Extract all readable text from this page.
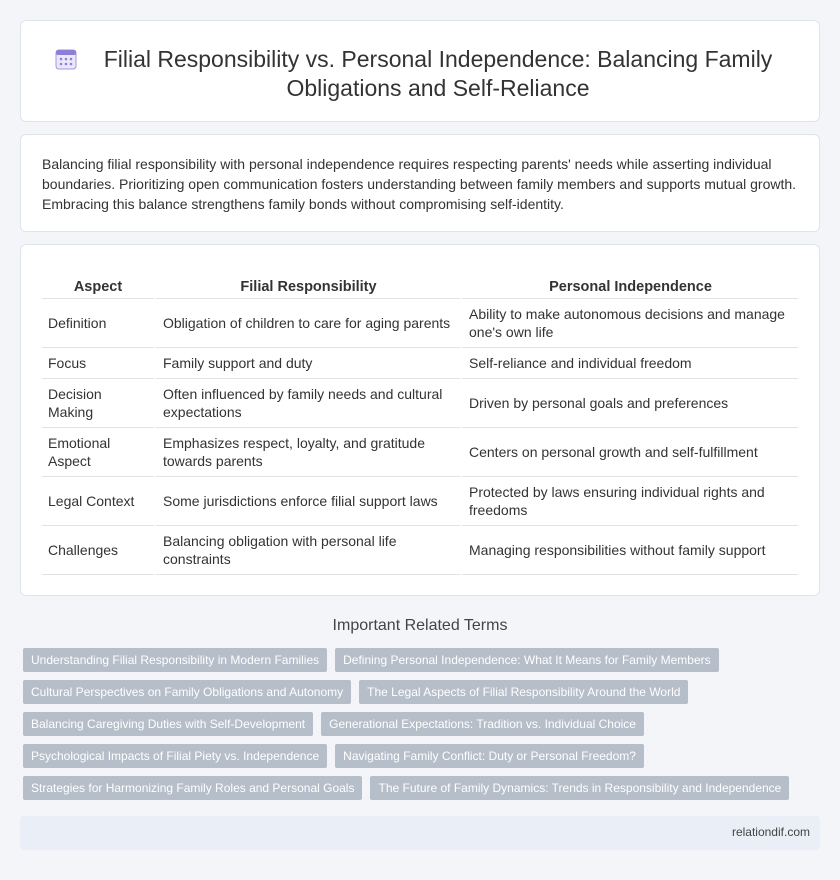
Filial Responsibility vs. Personal Independence: Balancing Family Obligations and Self-Reliance

Balancing filial responsibility with personal independence requires respecting parents' needs while asserting individual boundaries. Prioritizing open communication fosters understanding between family members and supports mutual growth. Embracing this balance strengthens family bonds without compromising self-identity.

Aspect	Filial Responsibility	Personal Independence
Definition	Obligation of children to care for aging parents	Ability to make autonomous decisions and manage one's own life
Focus	Family support and duty	Self-reliance and individual freedom
Decision Making	Often influenced by family needs and cultural expectations	Driven by personal goals and preferences
Emotional Aspect	Emphasizes respect, loyalty, and gratitude towards parents	Centers on personal growth and self-fulfillment
Legal Context	Some jurisdictions enforce filial support laws	Protected by laws ensuring individual rights and freedoms
Challenges	Balancing obligation with personal life constraints	Managing responsibilities without family support
Important Related Terms
Understanding Filial Responsibility in Modern Families	Defining Personal Independence: What It Means for Family Members
Cultural Perspectives on Family Obligations and Autonomy	The Legal Aspects of Filial Responsibility Around the World
Balancing Caregiving Duties with Self-Development	Generational Expectations: Tradition vs. Individual Choice
Psychological Impacts of Filial Piety vs. Independence	Navigating Family Conflict: Duty or Personal Freedom?
Strategies for Harmonizing Family Roles and Personal Goals	The Future of Family Dynamics: Trends in Responsibility and Independence
relationdif.com
